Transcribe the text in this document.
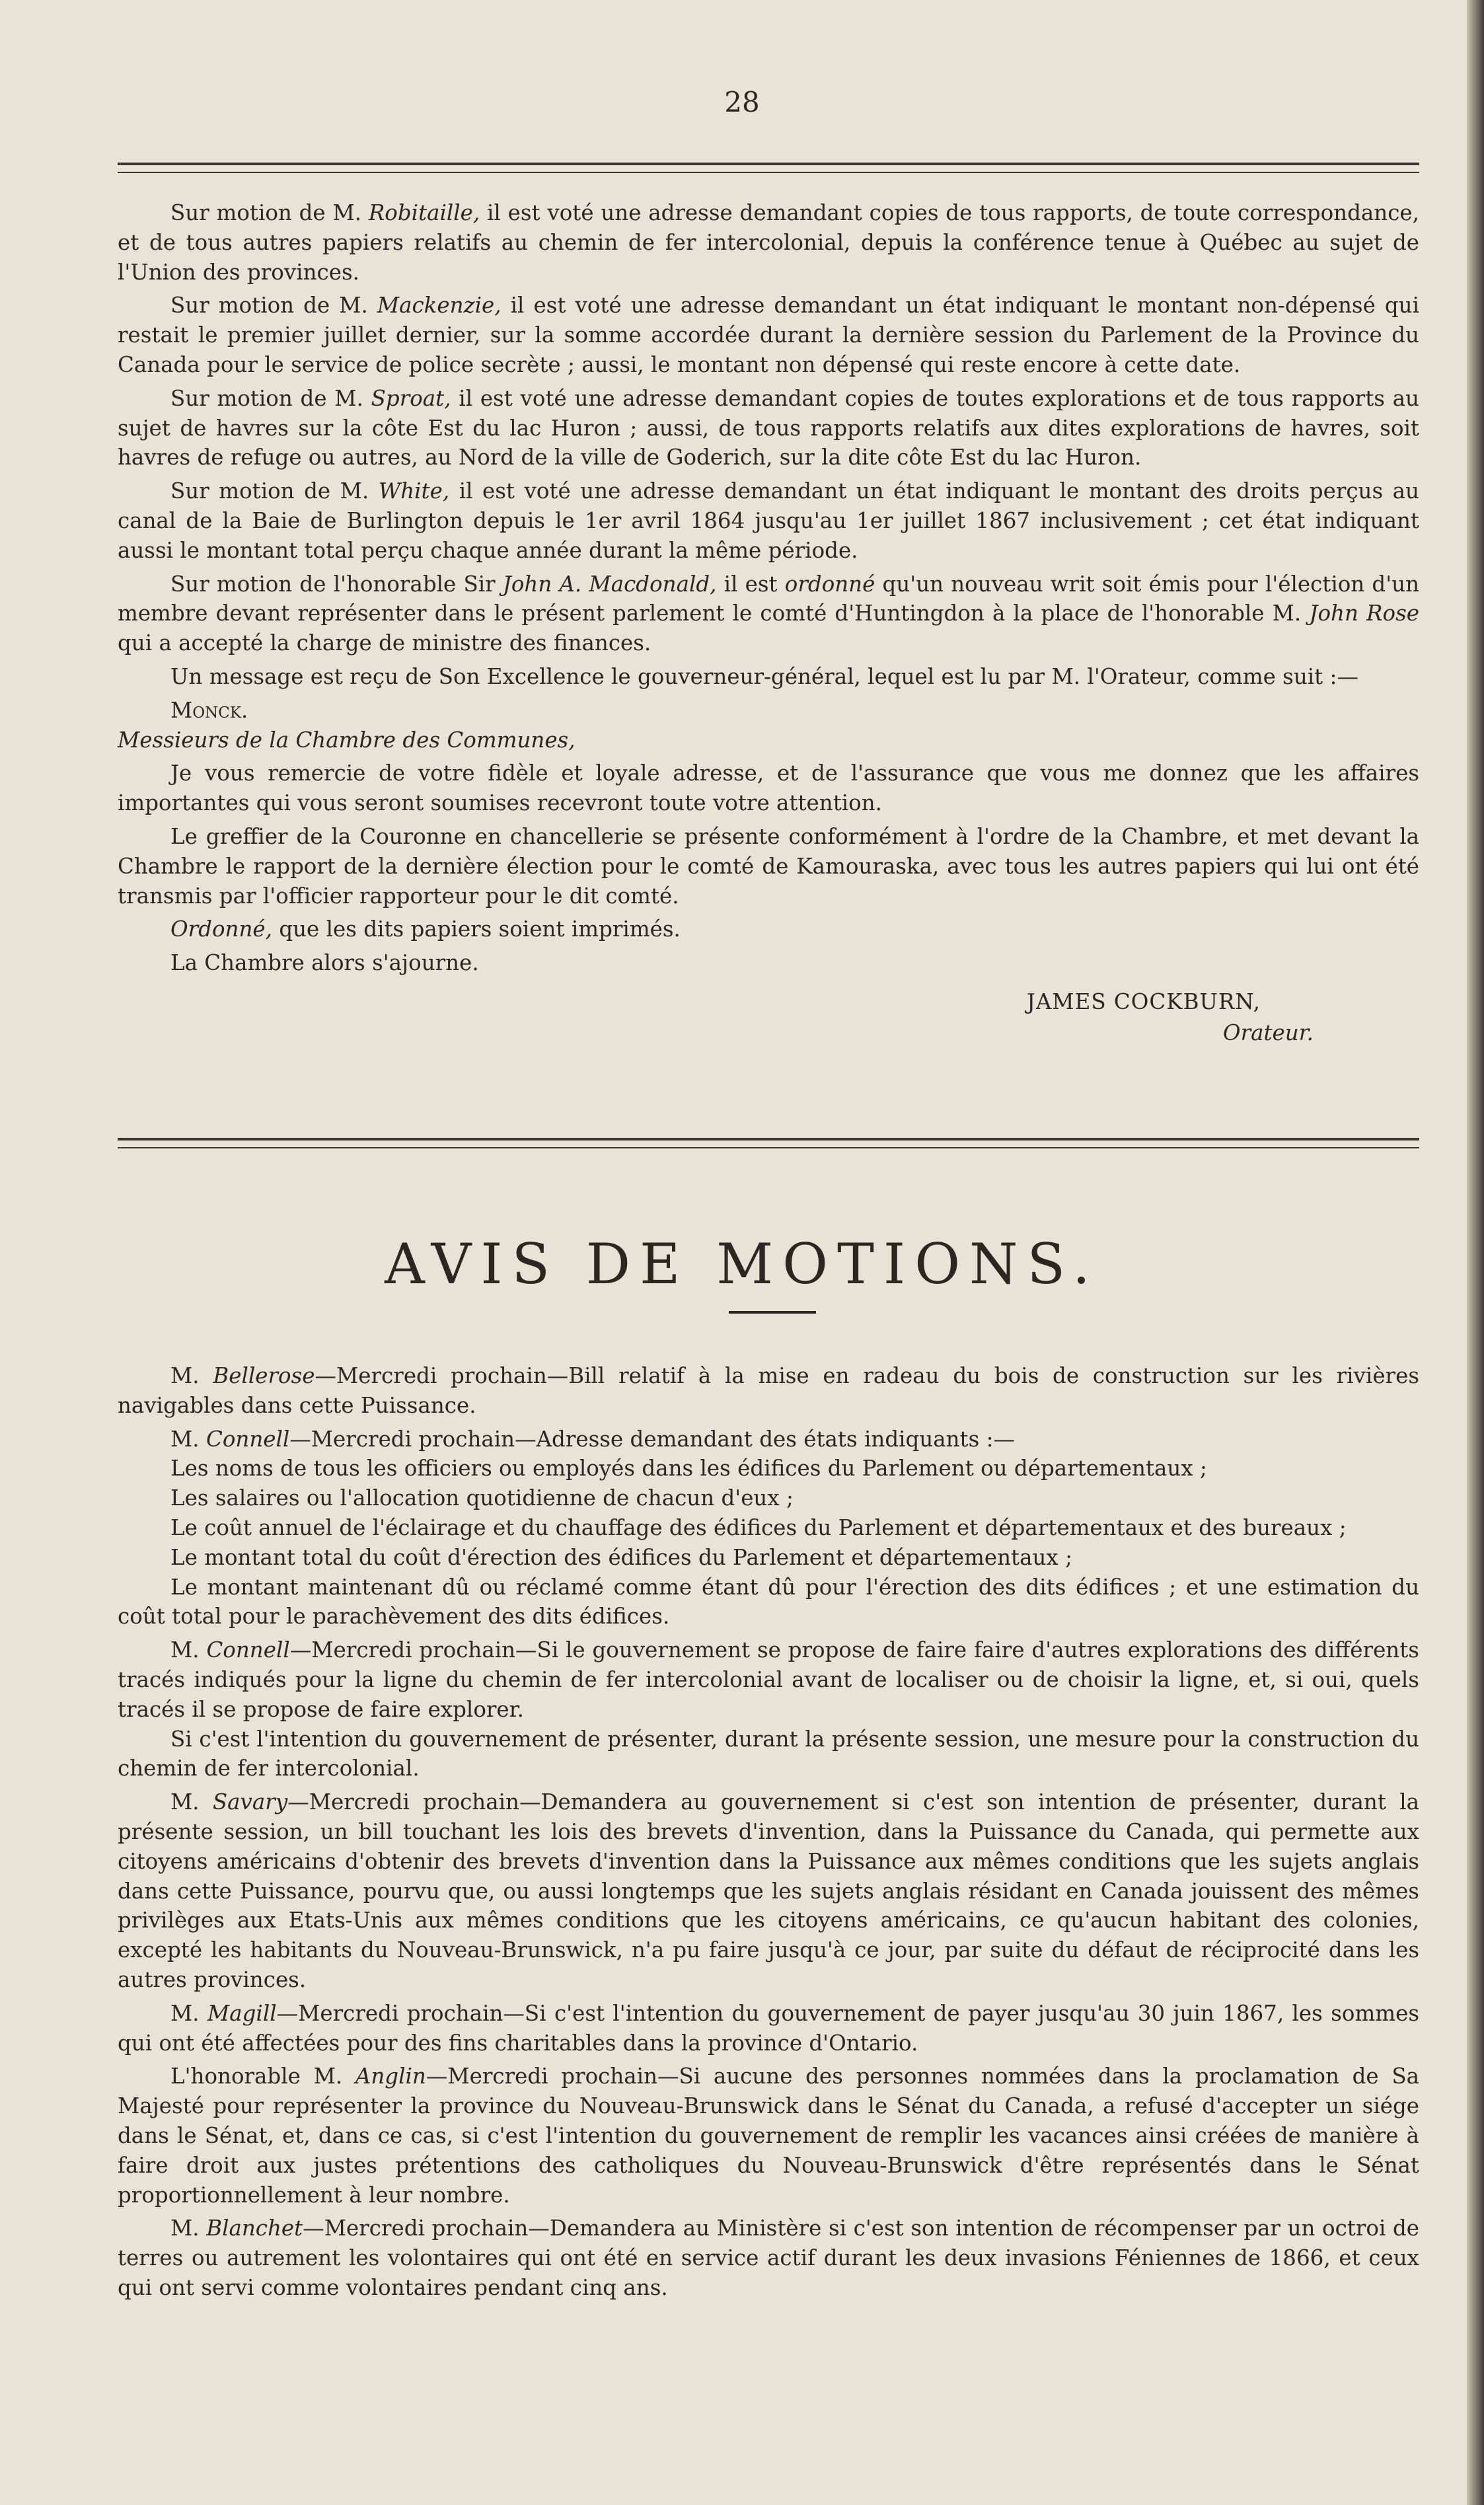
28

Sur motion de M. Robitaille, il est voté une adresse demandant copies de tous rapports, de toute correspondance, et de tous autres papiers relatifs au chemin de fer intercolonial, depuis la conférence tenue à Québec au sujet de l'Union des provinces.

Sur motion de M. Mackenzie, il est voté une adresse demandant un état indiquant le montant non-dépensé qui restait le premier juillet dernier, sur la somme accordée durant la dernière session du Parlement de la Province du Canada pour le service de police secrète ; aussi, le montant non dépensé qui reste encore à cette date.

Sur motion de M. Sproat, il est voté une adresse demandant copies de toutes explorations et de tous rapports au sujet de havres sur la côte Est du lac Huron ; aussi, de tous rapports relatifs aux dites explorations de havres, soit havres de refuge ou autres, au Nord de la ville de Goderich, sur la dite côte Est du lac Huron.

Sur motion de M. White, il est voté une adresse demandant un état indiquant le montant des droits perçus au canal de la Baie de Burlington depuis le 1er avril 1864 jusqu'au 1er juillet 1867 inclusivement ; cet état indiquant aussi le montant total perçu chaque année durant la même période.

Sur motion de l'honorable Sir John A. Macdonald, il est ordonné qu'un nouveau writ soit émis pour l'élection d'un membre devant représenter dans le présent parlement le comté d'Huntingdon à la place de l'honorable M. John Rose qui a accepté la charge de ministre des finances.

Un message est reçu de Son Excellence le gouverneur-général, lequel est lu par M. l'Orateur, comme suit :—

Monck.

Messieurs de la Chambre des Communes,

Je vous remercie de votre fidèle et loyale adresse, et de l'assurance que vous me donnez que les affaires importantes qui vous seront soumises recevront toute votre attention.

Le greffier de la Couronne en chancellerie se présente conformément à l'ordre de la Chambre, et met devant la Chambre le rapport de la dernière élection pour le comté de Kamouraska, avec tous les autres papiers qui lui ont été transmis par l'officier rapporteur pour le dit comté.

Ordonné, que les dits papiers soient imprimés.

La Chambre alors s'ajourne.

JAMES COCKBURN,
Orateur.
AVIS DE MOTIONS.

M. Bellerose—Mercredi prochain—Bill relatif à la mise en radeau du bois de construction sur les rivières navigables dans cette Puissance.

M. Connell—Mercredi prochain—Adresse demandant des états indiquants :—

Les noms de tous les officiers ou employés dans les édifices du Parlement ou départementaux ;

Les salaires ou l'allocation quotidienne de chacun d'eux ;

Le coût annuel de l'éclairage et du chauffage des édifices du Parlement et départementaux et des bureaux ;

Le montant total du coût d'érection des édifices du Parlement et départementaux ;

Le montant maintenant dû ou réclamé comme étant dû pour l'érection des dits édifices ; et une estimation du coût total pour le parachèvement des dits édifices.

M. Connell—Mercredi prochain—Si le gouvernement se propose de faire faire d'autres explorations des différents tracés indiqués pour la ligne du chemin de fer intercolonial avant de localiser ou de choisir la ligne, et, si oui, quels tracés il se propose de faire explorer.

Si c'est l'intention du gouvernement de présenter, durant la présente session, une mesure pour la construction du chemin de fer intercolonial.

M. Savary—Mercredi prochain—Demandera au gouvernement si c'est son intention de présenter, durant la présente session, un bill touchant les lois des brevets d'invention, dans la Puissance du Canada, qui permette aux citoyens américains d'obtenir des brevets d'invention dans la Puissance aux mêmes conditions que les sujets anglais dans cette Puissance, pourvu que, ou aussi longtemps que les sujets anglais résidant en Canada jouissent des mêmes privilèges aux Etats-Unis aux mêmes conditions que les citoyens américains, ce qu'aucun habitant des colonies, excepté les habitants du Nouveau-Brunswick, n'a pu faire jusqu'à ce jour, par suite du défaut de réciprocité dans les autres provinces.

M. Magill—Mercredi prochain—Si c'est l'intention du gouvernement de payer jusqu'au 30 juin 1867, les sommes qui ont été affectées pour des fins charitables dans la province d'Ontario.

L'honorable M. Anglin—Mercredi prochain—Si aucune des personnes nommées dans la proclamation de Sa Majesté pour représenter la province du Nouveau-Brunswick dans le Sénat du Canada, a refusé d'accepter un siége dans le Sénat, et, dans ce cas, si c'est l'intention du gouvernement de remplir les vacances ainsi créées de manière à faire droit aux justes prétentions des catholiques du Nouveau-Brunswick d'être représentés dans le Sénat proportionnellement à leur nombre.

M. Blanchet—Mercredi prochain—Demandera au Ministère si c'est son intention de récompenser par un octroi de terres ou autrement les volontaires qui ont été en service actif durant les deux invasions Féniennes de 1866, et ceux qui ont servi comme volontaires pendant cinq ans.
